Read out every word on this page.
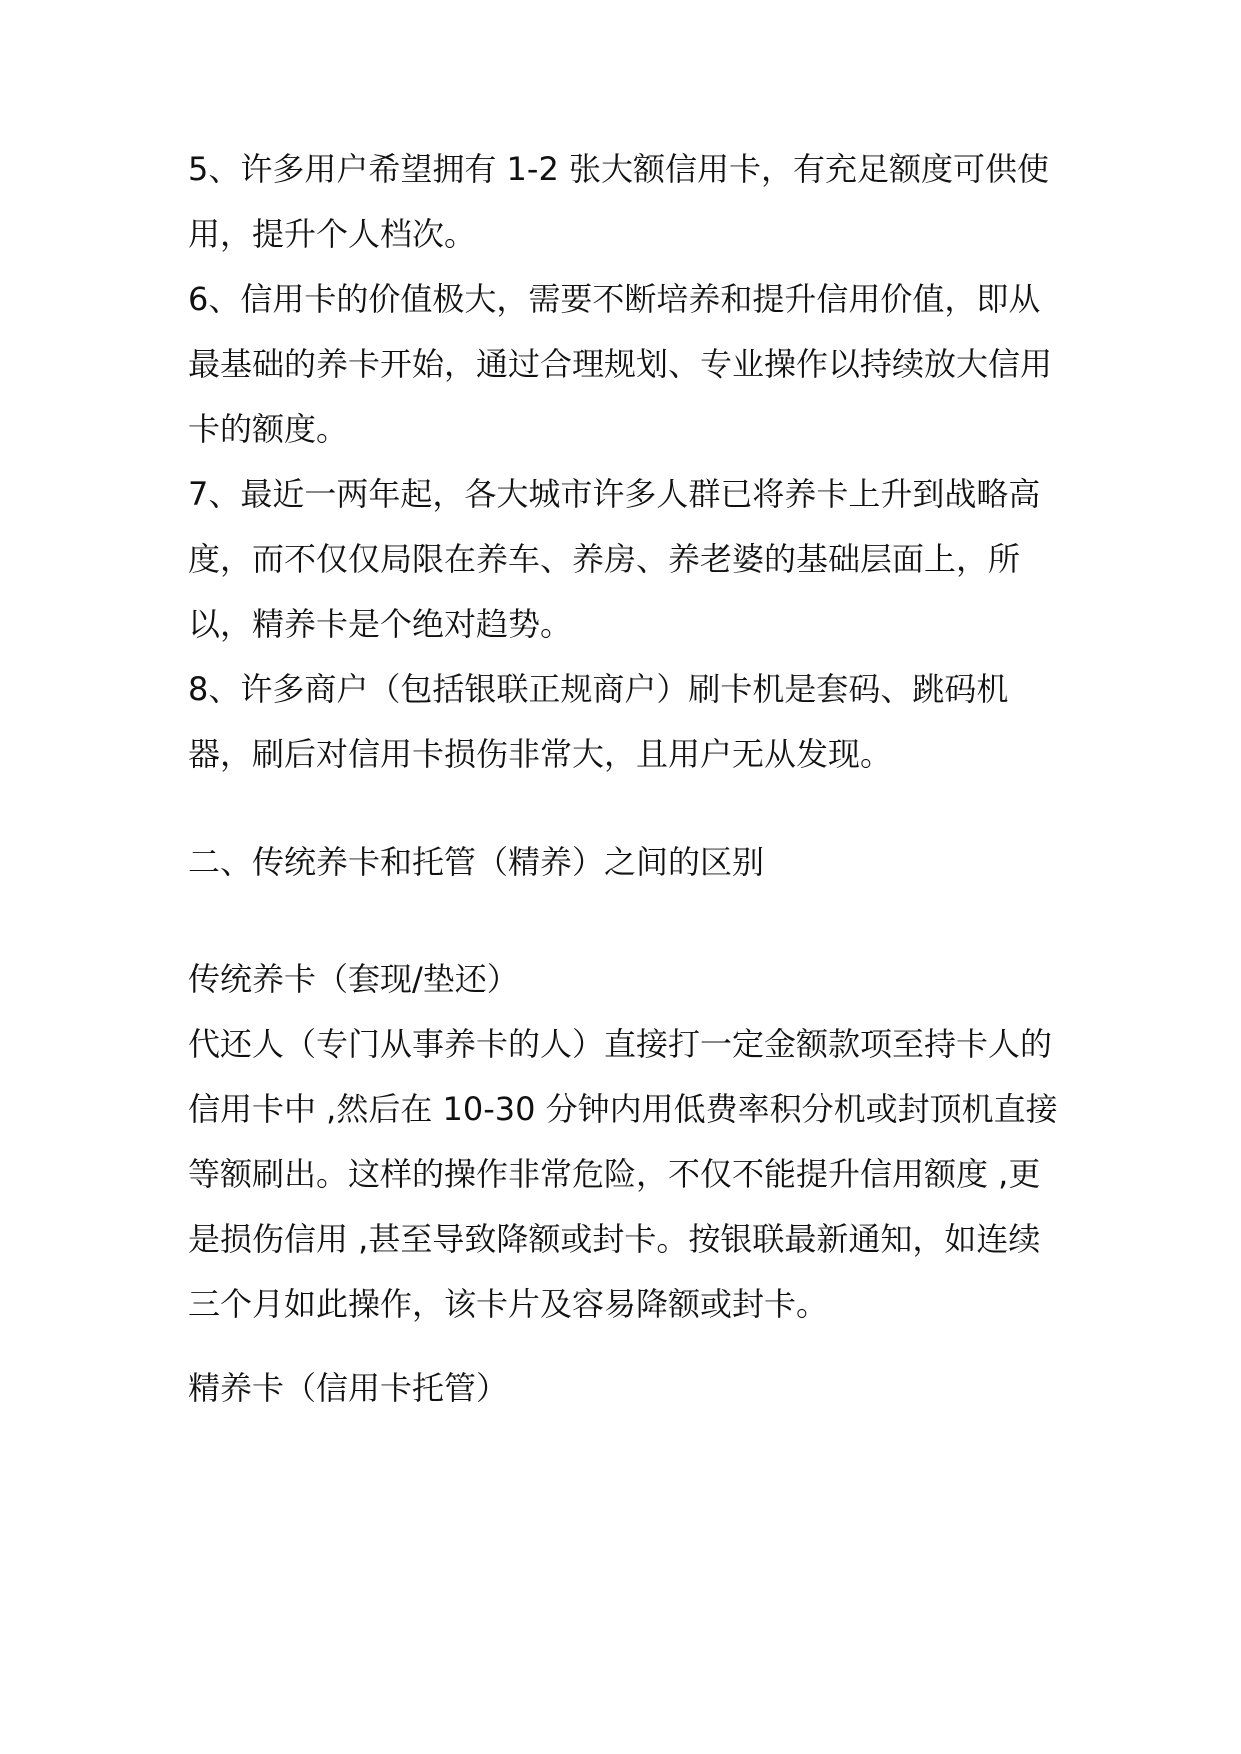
5、许多用户希望拥有 1-2 张大额信用卡，有充足额度可供使用，提升个人档次。

6、信用卡的价值极大，需要不断培养和提升信用价值，即从最基础的养卡开始，通过合理规划、专业操作以持续放大信用卡的额度。

7、最近一两年起，各大城市许多人群已将养卡上升到战略高度，而不仅仅局限在养车、养房、养老婆的基础层面上，所以，精养卡是个绝对趋势。

8、许多商户（包括银联正规商户）刷卡机是套码、跳码机器，刷后对信用卡损伤非常大，且用户无从发现。

二、传统养卡和托管（精养）之间的区别

传统养卡（套现/垫还）

代还人（专门从事养卡的人）直接打一定金额款项至持卡人的信用卡中 ,然后在 10-30 分钟内用低费率积分机或封顶机直接等额刷出。这样的操作非常危险，不仅不能提升信用额度 ,更是损伤信用 ,甚至导致降额或封卡。按银联最新通知，如连续三个月如此操作，该卡片及容易降额或封卡。

精养卡（信用卡托管）
